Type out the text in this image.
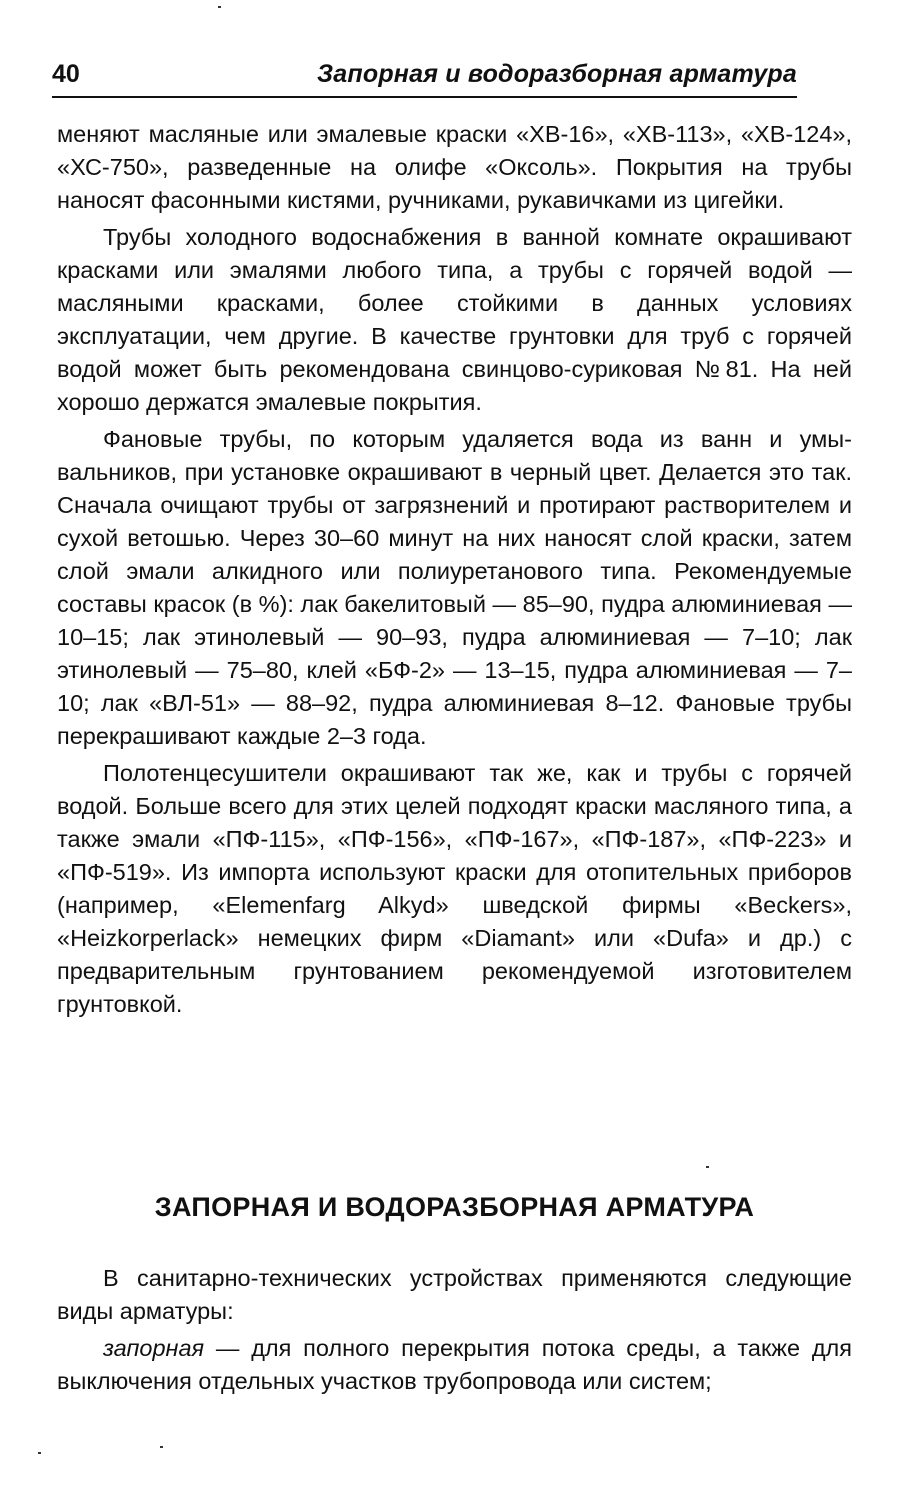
40	Запорная и водоразборная арматура

меняют масляные или эмалевые краски «ХВ-16», «ХВ-113», «ХВ-124», «ХС-750», разведенные на олифе «Оксоль». Покрытия на трубы наносят фасонными кистями, ручниками, рукавичками из цигейки.

Трубы холодного водоснабжения в ванной комнате окрашивают красками или эмалями любого типа, а трубы с горячей водой — масляными красками, более стойкими в данных условиях эксплуатации, чем другие. В качестве грунтовки для труб с горячей водой может быть рекомендована свинцово-суриковая №81. На ней хорошо держатся эмалевые покрытия.

Фановые трубы, по которым удаляется вода из ванн и умывальников, при установке окрашивают в черный цвет. Делается это так. Сначала очищают трубы от загрязнений и протирают растворителем и сухой ветошью. Через 30–60 минут на них наносят слой краски, затем слой эмали алкидного или полиуретанового типа. Рекомендуемые составы красок (в %): лак бакелитовый — 85–90, пудра алюминиевая — 10–15; лак этинолевый — 90–93, пудра алюминиевая — 7–10; лак этинолевый — 75–80, клей «БФ-2» — 13–15, пудра алюминиевая — 7–10; лак «ВЛ-51» — 88–92, пудра алюминиевая 8–12. Фановые трубы перекрашивают каждые 2–3 года.

Полотенцесушители окрашивают так же, как и трубы с горячей водой. Больше всего для этих целей подходят краски масляного типа, а также эмали «ПФ-115», «ПФ-156», «ПФ-167», «ПФ-187», «ПФ-223» и «ПФ-519». Из импорта используют краски для отопительных приборов (например, «Elemenfarg Alkyd» шведской фирмы «Beckers», «Heizkorperlack» немецких фирм «Diamant» или «Dufa» и др.) с предварительным грунтованием рекомендуемой изготовителем грунтовкой.

ЗАПОРНАЯ И ВОДОРАЗБОРНАЯ АРМАТУРА

В санитарно-технических устройствах применяются следующие виды арматуры:

запорная — для полного перекрытия потока среды, а также для выключения отдельных участков трубопровода или систем;
